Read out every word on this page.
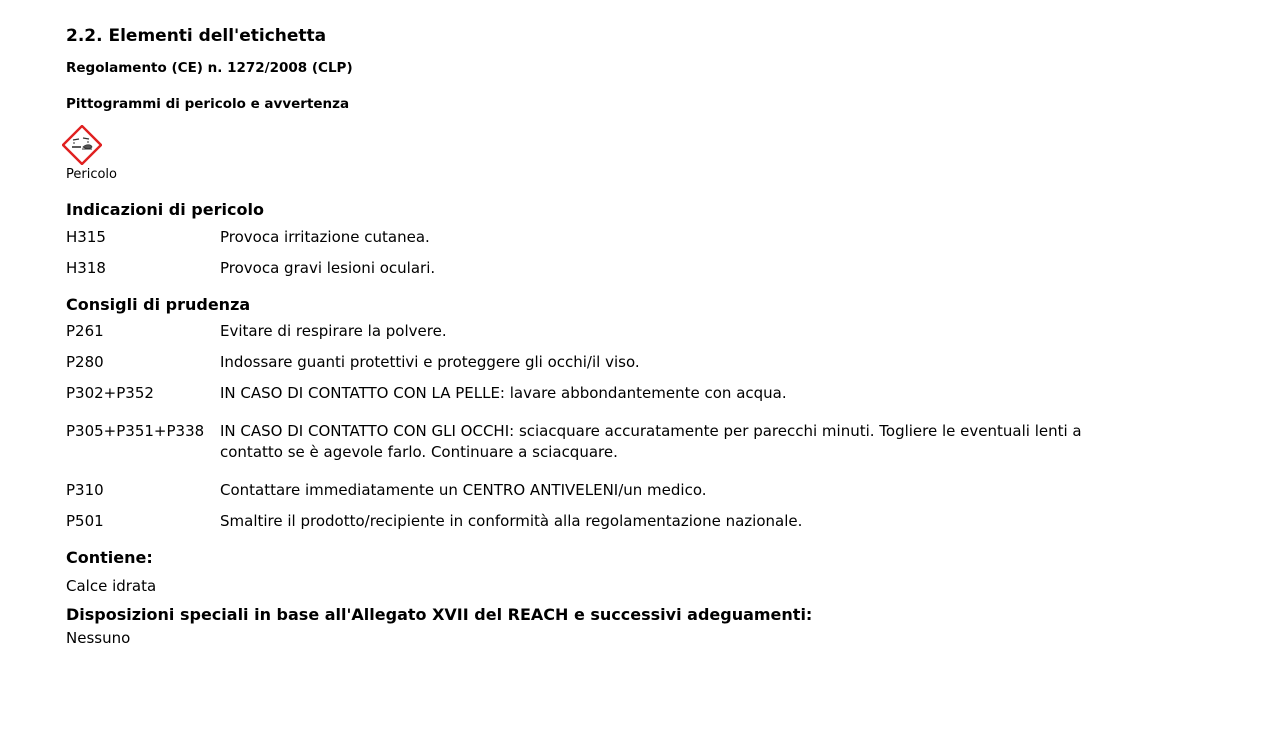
2.2. Elementi dell'etichetta
Regolamento (CE) n. 1272/2008 (CLP)
Pittogrammi di pericolo e avvertenza
Pericolo
Indicazioni di pericolo
H315	Provoca irritazione cutanea.
H318	Provoca gravi lesioni oculari.
Consigli di prudenza
P261	Evitare di respirare la polvere.
P280	Indossare guanti protettivi e proteggere gli occhi/il viso.
P302+P352	IN CASO DI CONTATTO CON LA PELLE: lavare abbondantemente con acqua.
P305+P351+P338	IN CASO DI CONTATTO CON GLI OCCHI: sciacquare accuratamente per parecchi minuti. Togliere le eventuali lenti a contatto se è agevole farlo. Continuare a sciacquare.
P310	Contattare immediatamente un CENTRO ANTIVELENI/un medico.
P501	Smaltire il prodotto/recipiente in conformità alla regolamentazione nazionale.
Contiene:
Calce idrata
Disposizioni speciali in base all'Allegato XVII del REACH e successivi adeguamenti:
Nessuno
